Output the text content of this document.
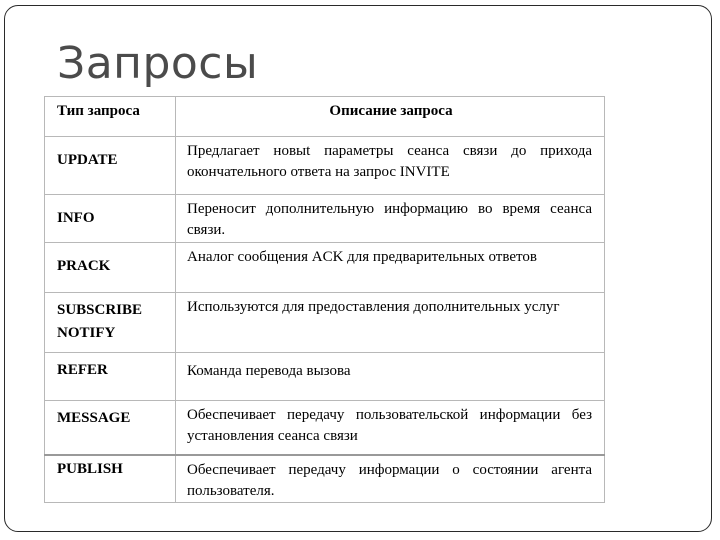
Запросы
Тип запроса	Описание запроса
UPDATE	Предлагает новыt параметры сеанса связи до прихода окончательного ответа на запрос INVITE
INFO	Переносит дополнительную информацию во время сеанса связи.
PRACK	Аналог сообщения ACK для предварительных ответов
SUBSCRIBE NOTIFY	Используются для предоставления дополнительных услуг
REFER	Команда перевода вызова
MESSAGE	Обеспечивает передачу пользовательской информации без установления сеанса связи
PUBLISH	Обеспечивает передачу информации о состоянии агента пользователя.
